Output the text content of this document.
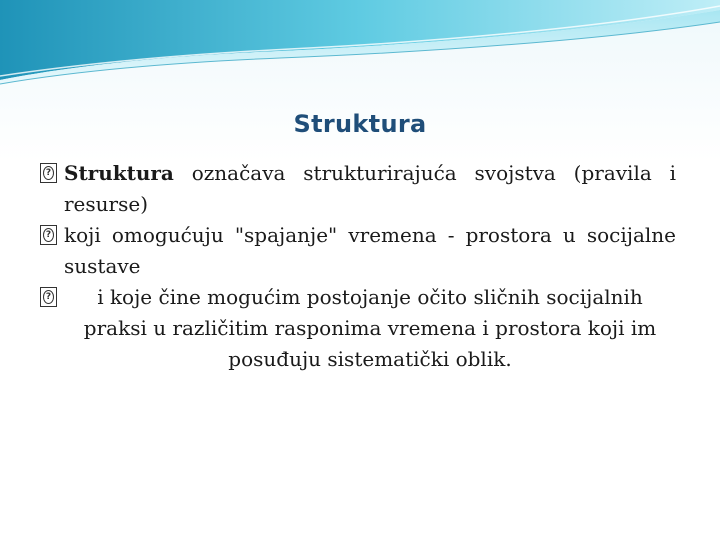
Struktura
? Struktura označava strukturirajuća svojstva (pravila i resurse)
? koji omogućuju "spajanje" vremena - prostora u socijalne sustave
? i koje čine mogućim postojanje očito sličnih socijalnih praksi u različitim rasponima vremena i prostora koji im posuđuju sistematički oblik.
